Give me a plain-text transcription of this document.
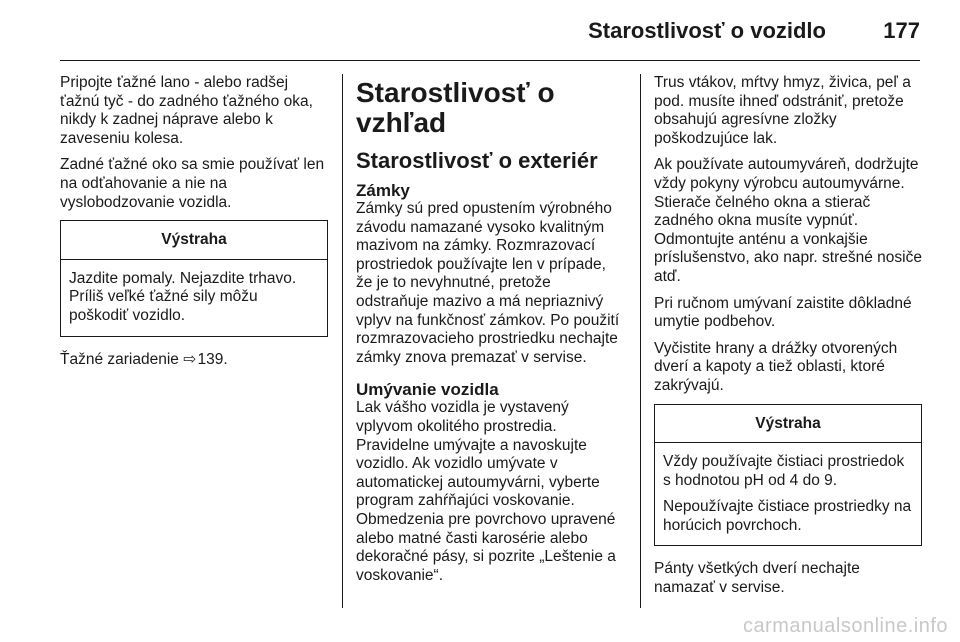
Starostlivosť o vozidlo	177

Pripojte ťažné lano - alebo radšej ťažnú tyč - do zadného ťažného oka, nikdy k zadnej náprave alebo k zaveseniu kolesa.

Zadné ťažné oko sa smie používať len na odťahovanie a nie na vyslobodzovanie vozidla.

Výstraha

Jazdite pomaly. Nejazdite trhavo. Príliš veľké ťažné sily môžu poškodiť vozidlo.

Ťažné zariadenie ⇨ 139.

Starostlivosť o vzhľad
Starostlivosť o exteriér
Zámky

Zámky sú pred opustením výrobného závodu namazané vysoko kvalitným mazivom na zámky. Rozmrazovací prostriedok používajte len v prípade, že je to nevyhnutné, pretože odstraňuje mazivo a má nepriaznivý vplyv na funkčnosť zámkov. Po použití rozmrazovacieho prostriedku nechajte zámky znova premazať v servise.

Umývanie vozidla

Lak vášho vozidla je vystavený vplyvom okolitého prostredia. Pravidelne umývajte a navoskujte vozidlo. Ak vozidlo umývate v automatickej autoumyvárni, vyberte program zahŕňajúci voskovanie. Obmedzenia pre povrchovo upravené alebo matné časti karosérie alebo dekoračné pásy, si pozrite „Leštenie a voskovanie“.

Trus vtákov, mŕtvy hmyz, živica, peľ a pod. musíte ihneď odstrániť, pretože obsahujú agresívne zložky poškodzujúce lak.

Ak používate autoumyváreň, dodržujte vždy pokyny výrobcu autoumyvárne. Stierače čelného okna a stierač zadného okna musíte vypnúť. Odmontujte anténu a vonkajšie príslušenstvo, ako napr. strešné nosiče atď.

Pri ručnom umývaní zaistite dôkladné umytie podbehov.

Vyčistite hrany a drážky otvorených dverí a kapoty a tiež oblasti, ktoré zakrývajú.

Výstraha

Vždy používajte čistiaci prostriedok s hodnotou pH od 4 do 9.

Nepoužívajte čistiace prostriedky na horúcich povrchoch.

Pánty všetkých dverí nechajte namazať v servise.

carmanualsonline.info
